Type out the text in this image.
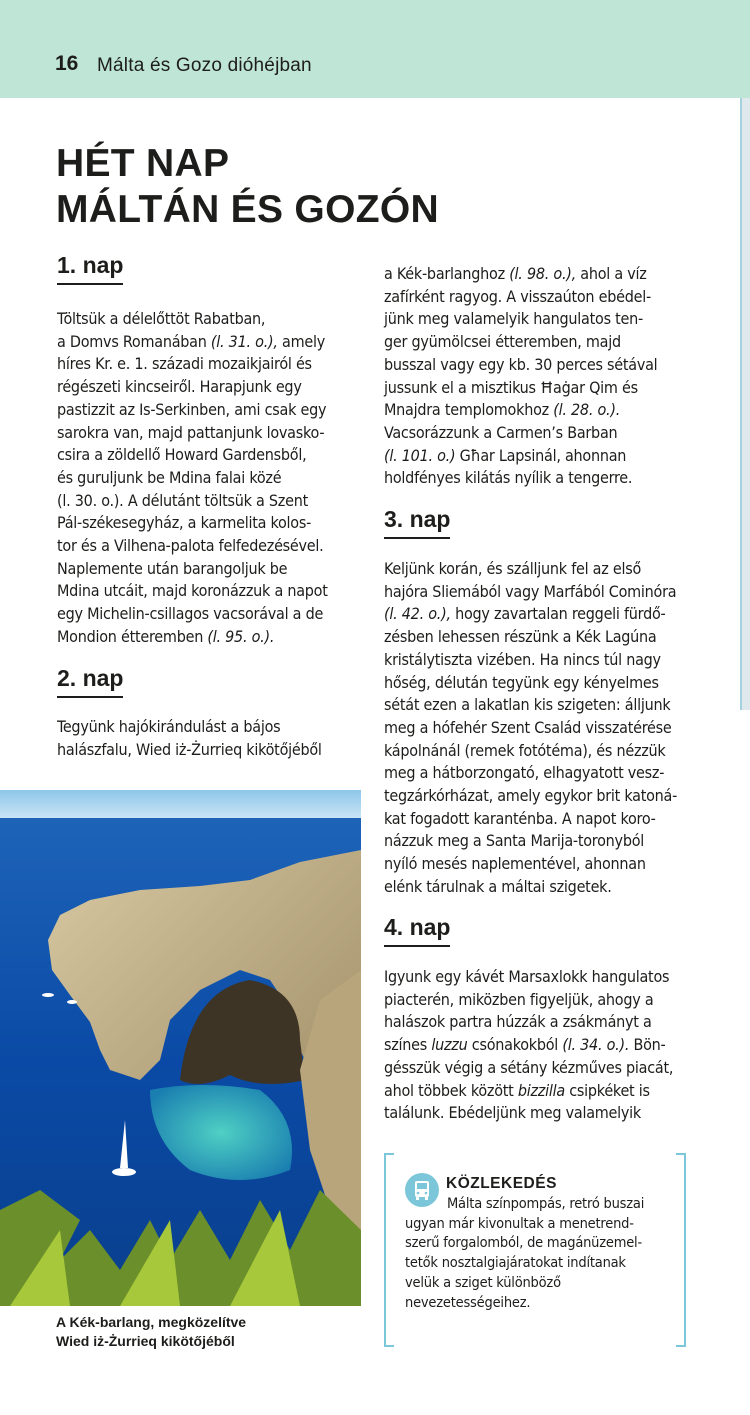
16 Málta és Gozo dióhéjban
HÉT NAP
MÁLTÁN ÉS GOZÓN
1. nap
Töltsük a délelőttöt Rabatban,
a Domvs Romanában (l. 31. o.), amely
híres Kr. e. 1. századi mozaikjairól és
régészeti kincseiről. Harapjunk egy
pastizzit az Is-Serkinben, ami csak egy
sarokra van, majd pattanjunk lovasko-
csira a zöldellő Howard Gardensből,
és guruljunk be Mdina falai közé
(l. 30. o.). A délutánt töltsük a Szent
Pál-székesegyház, a karmelita kolos-
tor és a Vilhena-palota felfedezésével.
Naplemente után barangoljuk be
Mdina utcáit, majd koronázzuk a napot
egy Michelin-csillagos vacsorával a de
Mondion étteremben (l. 95. o.).
2. nap
Tegyünk hajókirándulást a bájos
halászfalu, Wied iż-Żurrieq kikötőjéből
a Kék-barlanghoz (l. 98. o.), ahol a víz
zafírként ragyog. A visszaúton ebédel-
jünk meg valamelyik hangulatos ten-
ger gyümölcsei étteremben, majd
busszal vagy egy kb. 30 perces sétával
jussunk el a misztikus Ħaġar Qim és
Mnajdra templomokhoz (l. 28. o.).
Vacsorázzunk a Carmen’s Barban
(l. 101. o.) Għar Lapsinál, ahonnan
holdfényes kilátás nyílik a tengerre.
3. nap
Keljünk korán, és szálljunk fel az első
hajóra Sliemából vagy Marfából Cominóra
(l. 42. o.), hogy zavartalan reggeli fürdő-
zésben lehessen részünk a Kék Lagúna
kristálytiszta vizében. Ha nincs túl nagy
hőség, délután tegyünk egy kényelmes
sétát ezen a lakatlan kis szigeten: álljunk
meg a hófehér Szent Család visszatérése
kápolnánál (remek fotótéma), és nézzük
meg a hátborzongató, elhagyatott vesz-
tegzárkórházat, amely egykor brit katoná-
kat fogadott karanténba. A napot koro-
názzuk meg a Santa Marija-toronyból
nyíló mesés naplementével, ahonnan
elénk tárulnak a máltai szigetek.
4. nap
Igyunk egy kávét Marsaxlokk hangulatos
piacterén, miközben figyeljük, ahogy a
halászok partra húzzák a zsákmányt a
színes luzzu csónakokból (l. 34. o.). Bön-
gésszük végig a sétány kézműves piacát,
ahol többek között bizzilla csipkéket is
találunk. Ebédeljünk meg valamelyik

A Kék-barlang, megközelítve
Wied iż-Żurrieq kikötőjéből

KÖZLEKEDÉS

Málta színpompás, retró buszai
ugyan már kivonultak a menetrend-
szerű forgalomból, de magánüzemel-
tetők nosztalgiajáratokat indítanak
velük a sziget különböző
nevezetességeihez.
